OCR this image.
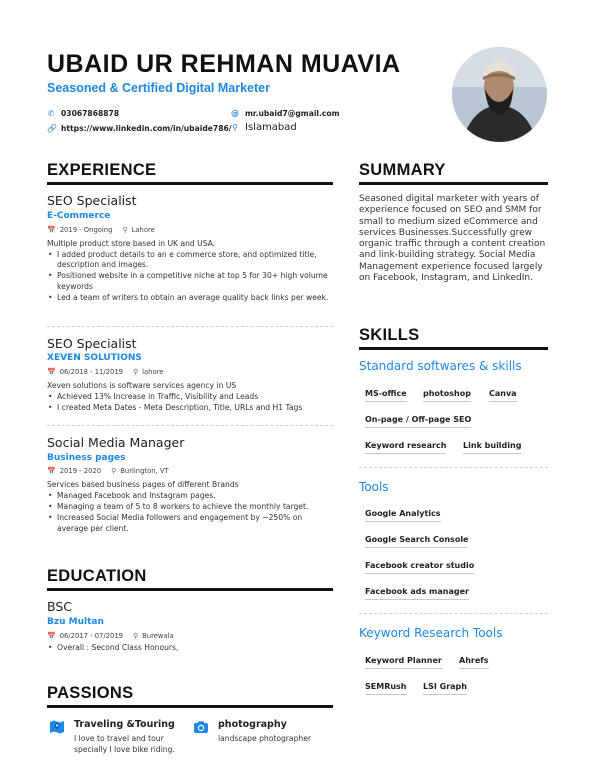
UBAID UR REHMAN MUAVIA
Seasoned & Certified Digital Marketer
✆ 03067868878	@ mr.ubaid7@gmail.com
🔗 https://www.linkedin.com/in/ubaide786/ ⚲ Islamabad
EXPERIENCE
SEO Specialist
E-Commerce
📅 2019 - Ongoing ⚲ Lahore
Multiple product store based in UK and USA.
• I added product details to an e commerce store, and optimized title, description and images.
• Positioned website in a competitive niche at top 5 for 30+ high volume keywords
• Led a team of writers to obtain an average quality back links per week.
SEO Specialist
XEVEN SOLUTIONS
📅 06/2018 - 11/2019 ⚲ lahore
Xeven solutions is software services agency in US
• Achieved 13% Increase in Traffic, Visibility and Leads
• I created Meta Dates - Meta Description, Title, URLs and H1 Tags
Social Media Manager
Business pages
📅 2019 - 2020 ⚲ Burlington, VT
Services based business pages of different Brands
• Managed Facebook and Instagram pages.
• Managing a team of 5 to 8 workers to achieve the monthly target.
• Increased Social Media followers and engagement by ~250% on average per client.
EDUCATION
BSC
Bzu Multan
📅 06/2017 - 07/2019 ⚲ Burewala
• Overall : Second Class Honours,
PASSIONS
Traveling &Touring
I love to travel and tour specially I love bike riding.
photography
landscape photographer
SUMMARY
Seasoned digital marketer with years of experience focused on SEO and SMM for small to medium sized eCommerce and services Businesses.Successfully grew organic traffic through a content creation and link-building strategy. Social Media Management experience focused largely on Facebook, Instagram, and LinkedIn.
SKILLS
Standard softwares & skills
MS-office photoshop Canva
On-page / Off-page SEO
Keyword research Link building
Tools
Google Analytics
Google Search Console
Facebook creator studio
Facebook ads manager
Keyword Research Tools
Keyword Planner Ahrefs
SEMRush LSI Graph
